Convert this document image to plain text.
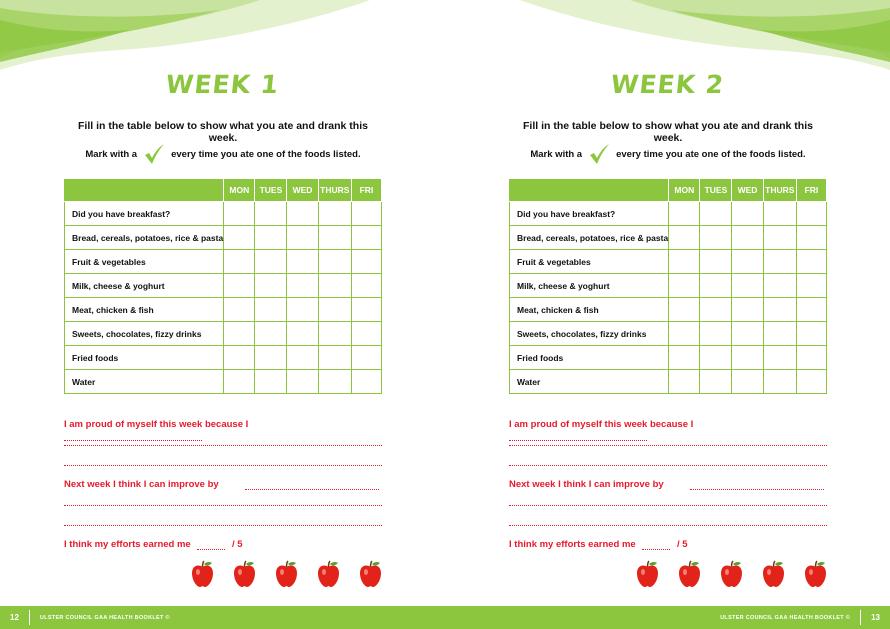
WEEK 1
Fill in the table below to show what you ate and drank this week.
Mark with a	every time you ate one of the foods listed.
	MON	TUES	WED	THURS	FRI
Did you have breakfast?					
Bread, cereals, potatoes, rice & pasta					
Fruit & vegetables					
Milk, cheese & yoghurt					
Meat, chicken & fish					
Sweets, chocolates, fizzy drinks					
Fried foods					
Water					
I am proud of myself this week because I
Next week I think I can improve by
I think my efforts earned me	/ 5
12	ULSTER COUNCIL GAA HEALTH BOOKLET ©
WEEK 2
Fill in the table below to show what you ate and drank this week.
Mark with a	every time you ate one of the foods listed.
	MON	TUES	WED	THURS	FRI
Did you have breakfast?					
Bread, cereals, potatoes, rice & pasta					
Fruit & vegetables					
Milk, cheese & yoghurt					
Meat, chicken & fish					
Sweets, chocolates, fizzy drinks					
Fried foods					
Water					
I am proud of myself this week because I
Next week I think I can improve by
I think my efforts earned me	/ 5
ULSTER COUNCIL GAA HEALTH BOOKLET ©	13
